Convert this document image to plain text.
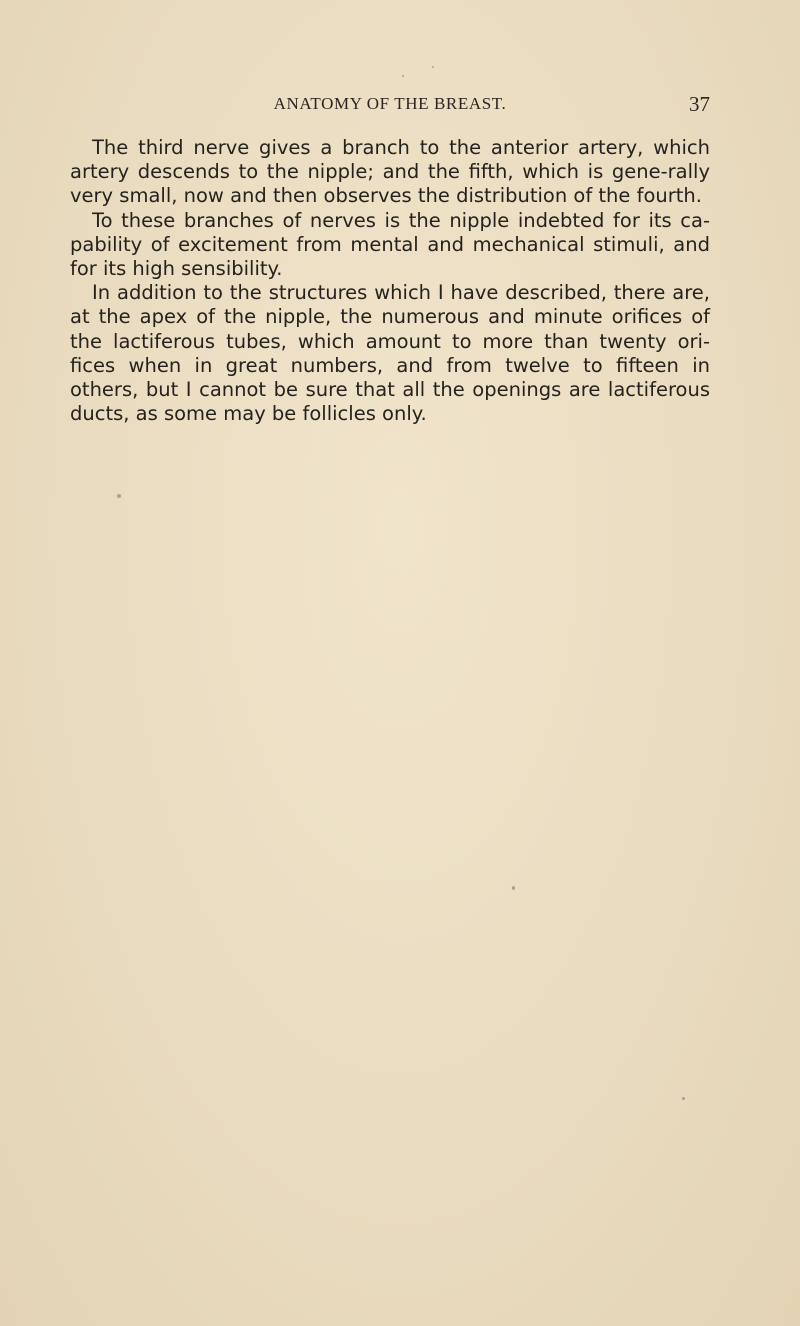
ANATOMY OF THE BREAST.	37

The third nerve gives a branch to the anterior artery, which artery descends to the nipple; and the fifth, which is gene-rally very small, now and then observes the distribution of the fourth.

To these branches of nerves is the nipple indebted for its ca-pability of excitement from mental and mechanical stimuli, and for its high sensibility.

In addition to the structures which I have described, there are, at the apex of the nipple, the numerous and minute orifices of the lactiferous tubes, which amount to more than twenty ori-fices when in great numbers, and from twelve to fifteen in others, but I cannot be sure that all the openings are lactiferous ducts, as some may be follicles only.
